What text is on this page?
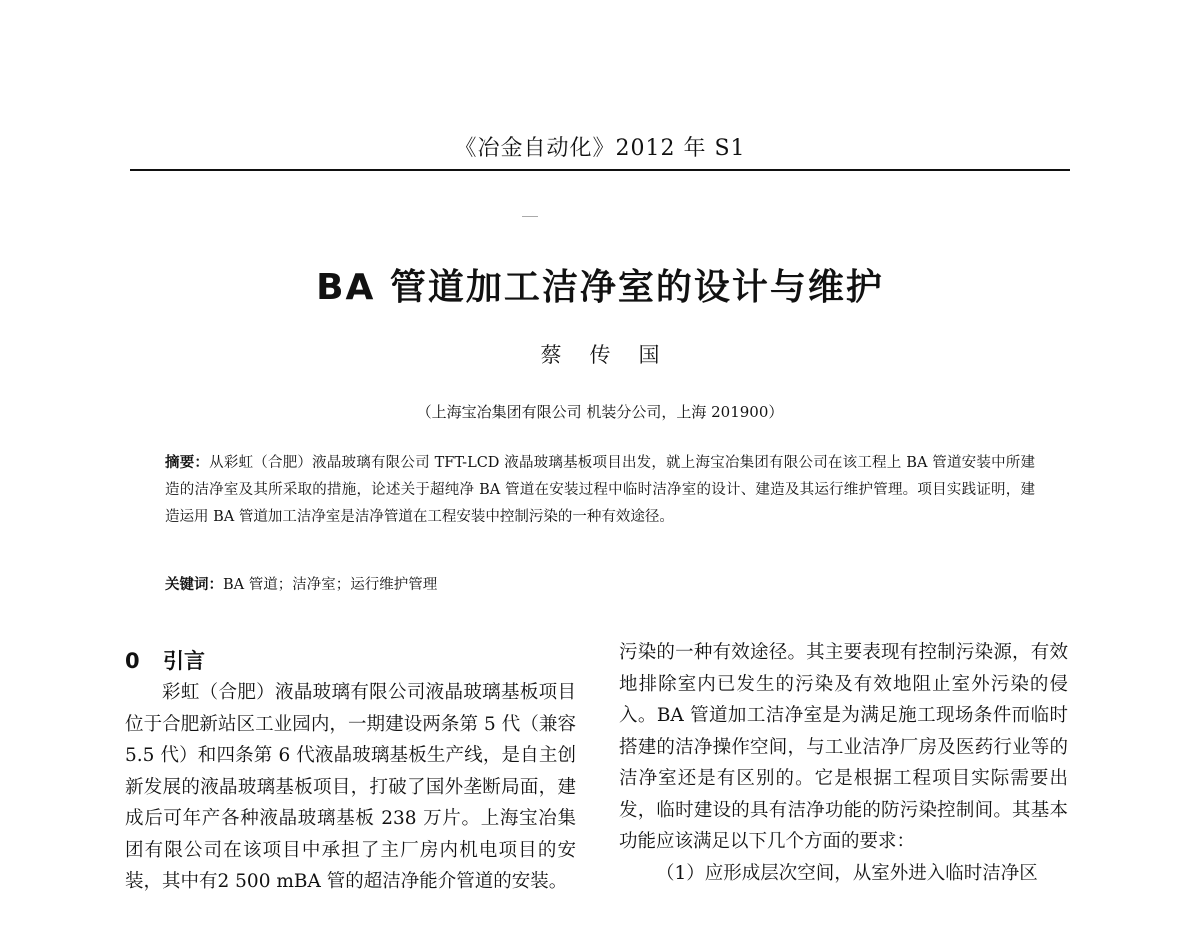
《冶金自动化》2012 年 S1
BA 管道加工洁净室的设计与维护
蔡传国
（上海宝冶集团有限公司 机装分公司，上海 201900）
摘要：从彩虹（合肥）液晶玻璃有限公司 TFT-LCD 液晶玻璃基板项目出发，就上海宝冶集团有限公司在该工程上 BA 管道安装中所建造的洁净室及其所采取的措施，论述关于超纯净 BA 管道在安装过程中临时洁净室的设计、建造及其运行维护管理。项目实践证明，建造运用 BA 管道加工洁净室是洁净管道在工程安装中控制污染的一种有效途径。
关键词：BA 管道；洁净室；运行维护管理
0 引言

彩虹（合肥）液晶玻璃有限公司液晶玻璃基板项目位于合肥新站区工业园内，一期建设两条第 5 代（兼容 5.5 代）和四条第 6 代液晶玻璃基板生产线，是自主创新发展的液晶玻璃基板项目，打破了国外垄断局面，建成后可年产各种液晶玻璃基板 238 万片。上海宝冶集团有限公司在该项目中承担了主厂房内机电项目的安装，其中有2 500 mBA 管的超洁净能介管道的安装。

污染的一种有效途径。其主要表现有控制污染源，有效地排除室内已发生的污染及有效地阻止室外污染的侵入。BA 管道加工洁净室是为满足施工现场条件而临时搭建的洁净操作空间，与工业洁净厂房及医药行业等的洁净室还是有区别的。它是根据工程项目实际需要出发，临时建设的具有洁净功能的防污染控制间。其基本功能应该满足以下几个方面的要求：

（1）应形成层次空间，从室外进入临时洁净区
